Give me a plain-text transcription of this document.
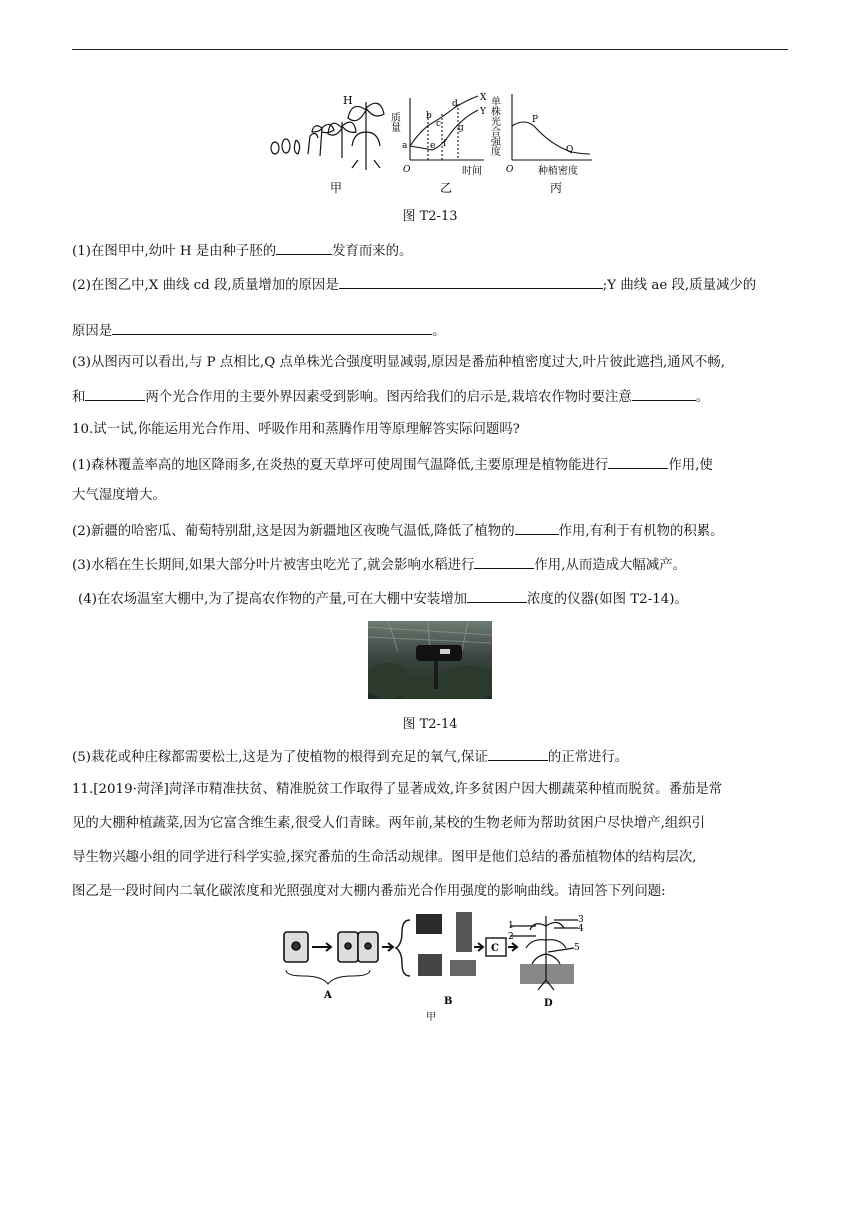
H
甲
质量
a
b
c
d
e f
g
X
Y
O	时间
乙
单株光合强度	P
Q
O 种植密度
丙
图 T2-13
(1)在图甲中,幼叶 H 是由种子胚的	发育而来的。
(2)在图乙中,X 曲线 cd 段,质量增加的原因是	;Y 曲线 ae 段,质量减少的
原因是	。
(3)从图丙可以看出,与 P 点相比,Q 点单株光合强度明显减弱,原因是番茄种植密度过大,叶片彼此遮挡,通风不畅,
和	两个光合作用的主要外界因素受到影响。图丙给我们的启示是,栽培农作物时要注意	。
10.试一试,你能运用光合作用、呼吸作用和蒸腾作用等原理解答实际问题吗?
(1)森林覆盖率高的地区降雨多,在炎热的夏天草坪可使周围气温降低,主要原理是植物能进行	作用,使
大气湿度增大。
(2)新疆的哈密瓜、葡萄特别甜,这是因为新疆地区夜晚气温低,降低了植物的	作用,有利于有机物的积累。
(3)水稻在生长期间,如果大部分叶片被害虫吃光了,就会影响水稻进行	作用,从而造成大幅减产。
(4)在农场温室大棚中,为了提高农作物的产量,可在大棚中安装增加	浓度的仪器(如图 T2-14)。
图 T2-14
(5)栽花或种庄稼都需要松土,这是为了使植物的根得到充足的氧气,保证	的正常进行。
11.[2019·菏泽]菏泽市精准扶贫、精准脱贫工作取得了显著成效,许多贫困户因大棚蔬菜种植而脱贫。番茄是常
见的大棚种植蔬菜,因为它富含维生素,很受人们青睐。两年前,某校的生物老师为帮助贫困户尽快增产,组织引
导生物兴趣小组的同学进行科学实验,探究番茄的生命活动规律。图甲是他们总结的番茄植物体的结构层次,
图乙是一段时间内二氧化碳浓度和光照强度对大棚内番茄光合作用强度的影响曲线。请回答下列问题:
A
B
C
1
2
3
4
5
D
甲
